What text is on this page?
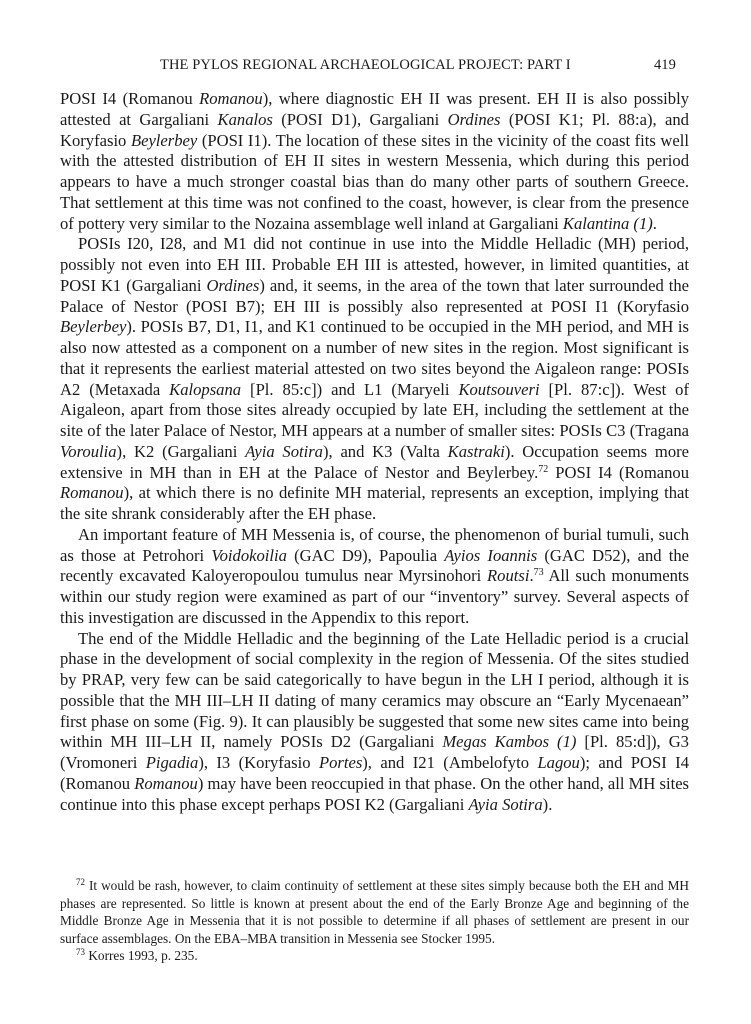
THE PYLOS REGIONAL ARCHAEOLOGICAL PROJECT: PART I	419

POSI I4 (Romanou Romanou), where diagnostic EH II was present. EH II is also possibly attested at Gargaliani Kanalos (POSI D1), Gargaliani Ordines (POSI K1; Pl. 88:a), and Koryfasio Beylerbey (POSI I1). The location of these sites in the vicinity of the coast fits well with the attested distribution of EH II sites in western Messenia, which during this period appears to have a much stronger coastal bias than do many other parts of southern Greece. That settlement at this time was not confined to the coast, however, is clear from the presence of pottery very similar to the Nozaina assemblage well inland at Gargaliani Kalantina (1).

POSIs I20, I28, and M1 did not continue in use into the Middle Helladic (MH) period, possibly not even into EH III. Probable EH III is attested, however, in limited quantities, at POSI K1 (Gargaliani Ordines) and, it seems, in the area of the town that later surrounded the Palace of Nestor (POSI B7); EH III is possibly also represented at POSI I1 (Koryfasio Beylerbey). POSIs B7, D1, I1, and K1 continued to be occupied in the MH period, and MH is also now attested as a component on a number of new sites in the region. Most significant is that it represents the earliest material attested on two sites beyond the Aigaleon range: POSIs A2 (Metaxada Kalopsana [Pl. 85:c]) and L1 (Maryeli Koutsouveri [Pl. 87:c]). West of Aigaleon, apart from those sites already occupied by late EH, including the settlement at the site of the later Palace of Nestor, MH appears at a number of smaller sites: POSIs C3 (Tragana Voroulia), K2 (Gargaliani Ayia Sotira), and K3 (Valta Kastraki). Occupation seems more extensive in MH than in EH at the Palace of Nestor and Beylerbey.$^{72}$ POSI I4 (Romanou Romanou), at which there is no definite MH material, represents an exception, implying that the site shrank considerably after the EH phase.

An important feature of MH Messenia is, of course, the phenomenon of burial tumuli, such as those at Petrohori Voidokoilia (GAC D9), Papoulia Ayios Ioannis (GAC D52), and the recently excavated Kaloyeropoulou tumulus near Myrsinohori Routsi.$^{73}$ All such monuments within our study region were examined as part of our “inventory” survey. Several aspects of this investigation are discussed in the Appendix to this report.

The end of the Middle Helladic and the beginning of the Late Helladic period is a crucial phase in the development of social complexity in the region of Messenia. Of the sites studied by PRAP, very few can be said categorically to have begun in the LH I period, although it is possible that the MH III–LH II dating of many ceramics may obscure an “Early Mycenaean” first phase on some (Fig. 9). It can plausibly be suggested that some new sites came into being within MH III–LH II, namely POSIs D2 (Gargaliani Megas Kambos (1) [Pl. 85:d]), G3 (Vromoneri Pigadia), I3 (Koryfasio Portes), and I21 (Ambelofyto Lagou); and POSI I4 (Romanou Romanou) may have been reoccupied in that phase. On the other hand, all MH sites continue into this phase except perhaps POSI K2 (Gargaliani Ayia Sotira).

$^{72}$ It would be rash, however, to claim continuity of settlement at these sites simply because both the EH and MH phases are represented. So little is known at present about the end of the Early Bronze Age and beginning of the Middle Bronze Age in Messenia that it is not possible to determine if all phases of settlement are present in our surface assemblages. On the EBA–MBA transition in Messenia see Stocker 1995.

$^{73}$ Korres 1993, p. 235.
